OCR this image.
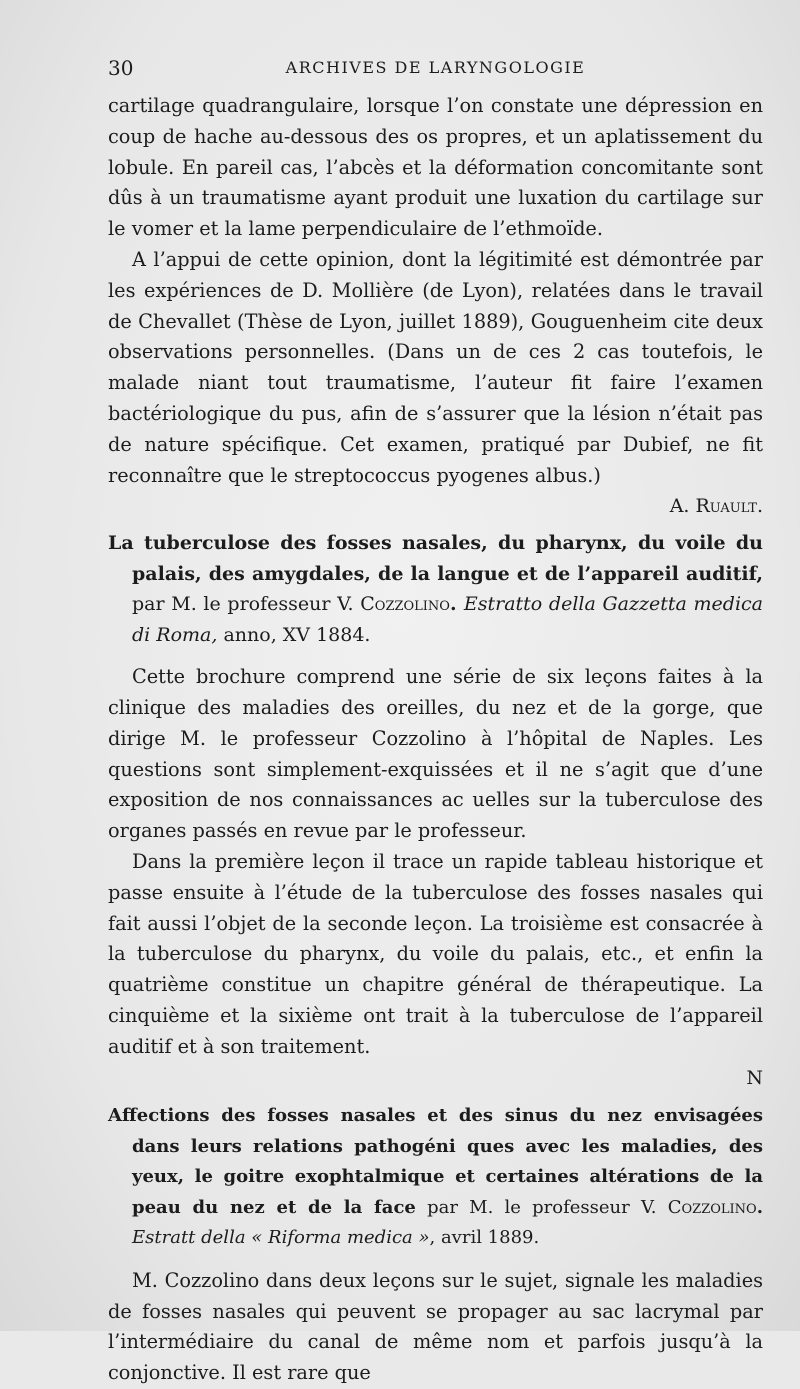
30	ARCHIVES DE LARYNGOLOGIE

cartilage quadrangulaire, lorsque l’on constate une dépression en coup de hache au-dessous des os propres, et un aplatissement du lobule. En pareil cas, l’abcès et la déformation concomitante sont dûs à un traumatisme ayant produit une luxation du cartilage sur le vomer et la lame perpendiculaire de l’ethmoïde.

A l’appui de cette opinion, dont la légitimité est démontrée par les expériences de D. Mollière (de Lyon), relatées dans le travail de Chevallet (Thèse de Lyon, juillet 1889), Gouguenheim cite deux observations personnelles. (Dans un de ces 2 cas toutefois, le malade niant tout traumatisme, l’auteur fit faire l’examen bactériologique du pus, afin de s’assurer que la lésion n’était pas de nature spécifique. Cet examen, pratiqué par Dubief, ne fit reconnaître que le streptococcus pyogenes albus.)

A. Ruault.

La tuberculose des fosses nasales, du pharynx, du voile du palais, des amygdales, de la langue et de l’appareil auditif, par M. le professeur V. Cozzolino. Estratto della Gazzetta medica di Roma, anno, XV 1884.

Cette brochure comprend une série de six leçons faites à la clinique des maladies des oreilles, du nez et de la gorge, que dirige M. le professeur Cozzolino à l’hôpital de Naples. Les questions sont simplement-exquissées et il ne s’agit que d’une exposition de nos connaissances ac uelles sur la tuberculose des organes passés en revue par le professeur.

Dans la première leçon il trace un rapide tableau historique et passe ensuite à l’étude de la tuberculose des fosses nasales qui fait aussi l’objet de la seconde leçon. La troisième est consacrée à la tuberculose du pharynx, du voile du palais, etc., et enfin la quatrième constitue un chapitre général de thérapeutique. La cinquième et la sixième ont trait à la tuberculose de l’appareil auditif et à son traitement.

N

Affections des fosses nasales et des sinus du nez envisagées dans leurs relations pathogéni ques avec les maladies, des yeux, le goitre exophtalmique et certaines altérations de la peau du nez et de la face par M. le professeur V. Cozzolino. Estratt della « Riforma medica », avril 1889.

M. Cozzolino dans deux leçons sur le sujet, signale les maladies de fosses nasales qui peuvent se propager au sac lacrymal par l’intermédiaire du canal de même nom et parfois jusqu’à la conjonctive. Il est rare que
